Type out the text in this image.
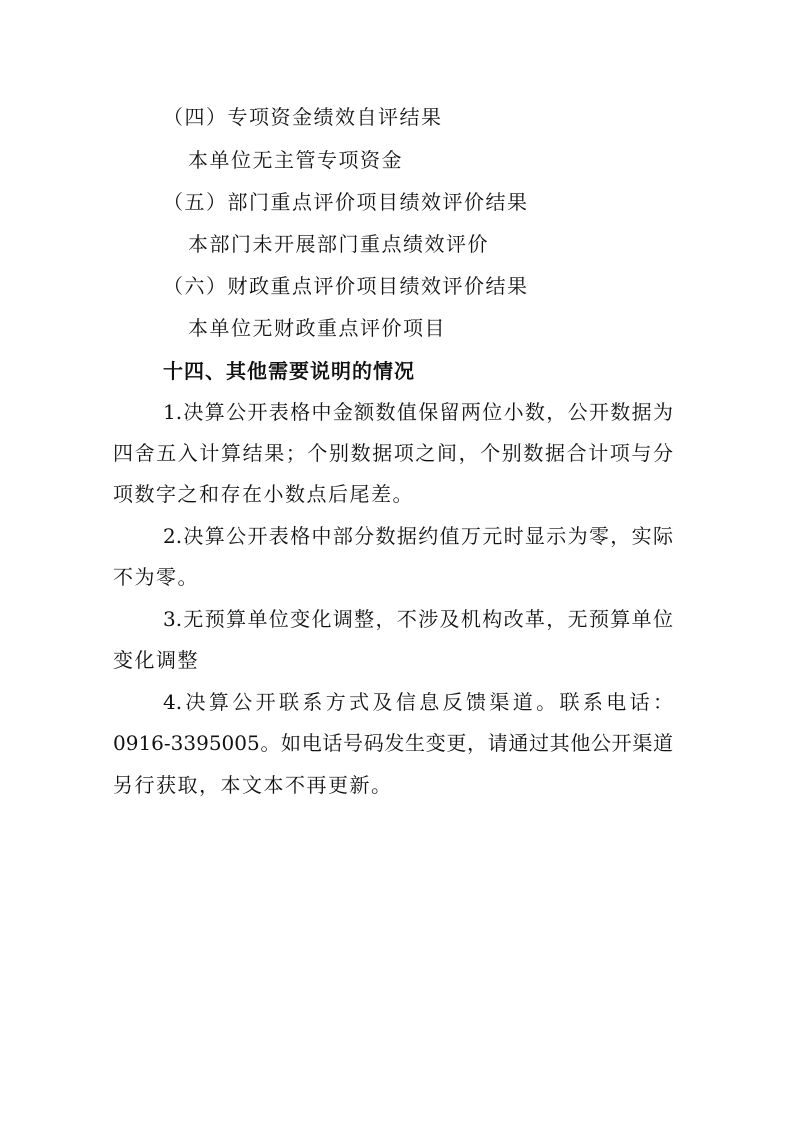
（四）专项资金绩效自评结果
本单位无主管专项资金
（五）部门重点评价项目绩效评价结果
本部门未开展部门重点绩效评价
（六）财政重点评价项目绩效评价结果
本单位无财政重点评价项目
十四、其他需要说明的情况
1.决算公开表格中金额数值保留两位小数，公开数据为
四舍五入计算结果；个别数据项之间，个别数据合计项与分
项数字之和存在小数点后尾差。
2.决算公开表格中部分数据约值万元时显示为零，实际
不为零。
3.无预算单位变化调整，不涉及机构改革，无预算单位
变化调整
4.决算公开联系方式及信息反馈渠道。联系电话：
0916-3395005。如电话号码发生变更，请通过其他公开渠道
另行获取，本文本不再更新。
